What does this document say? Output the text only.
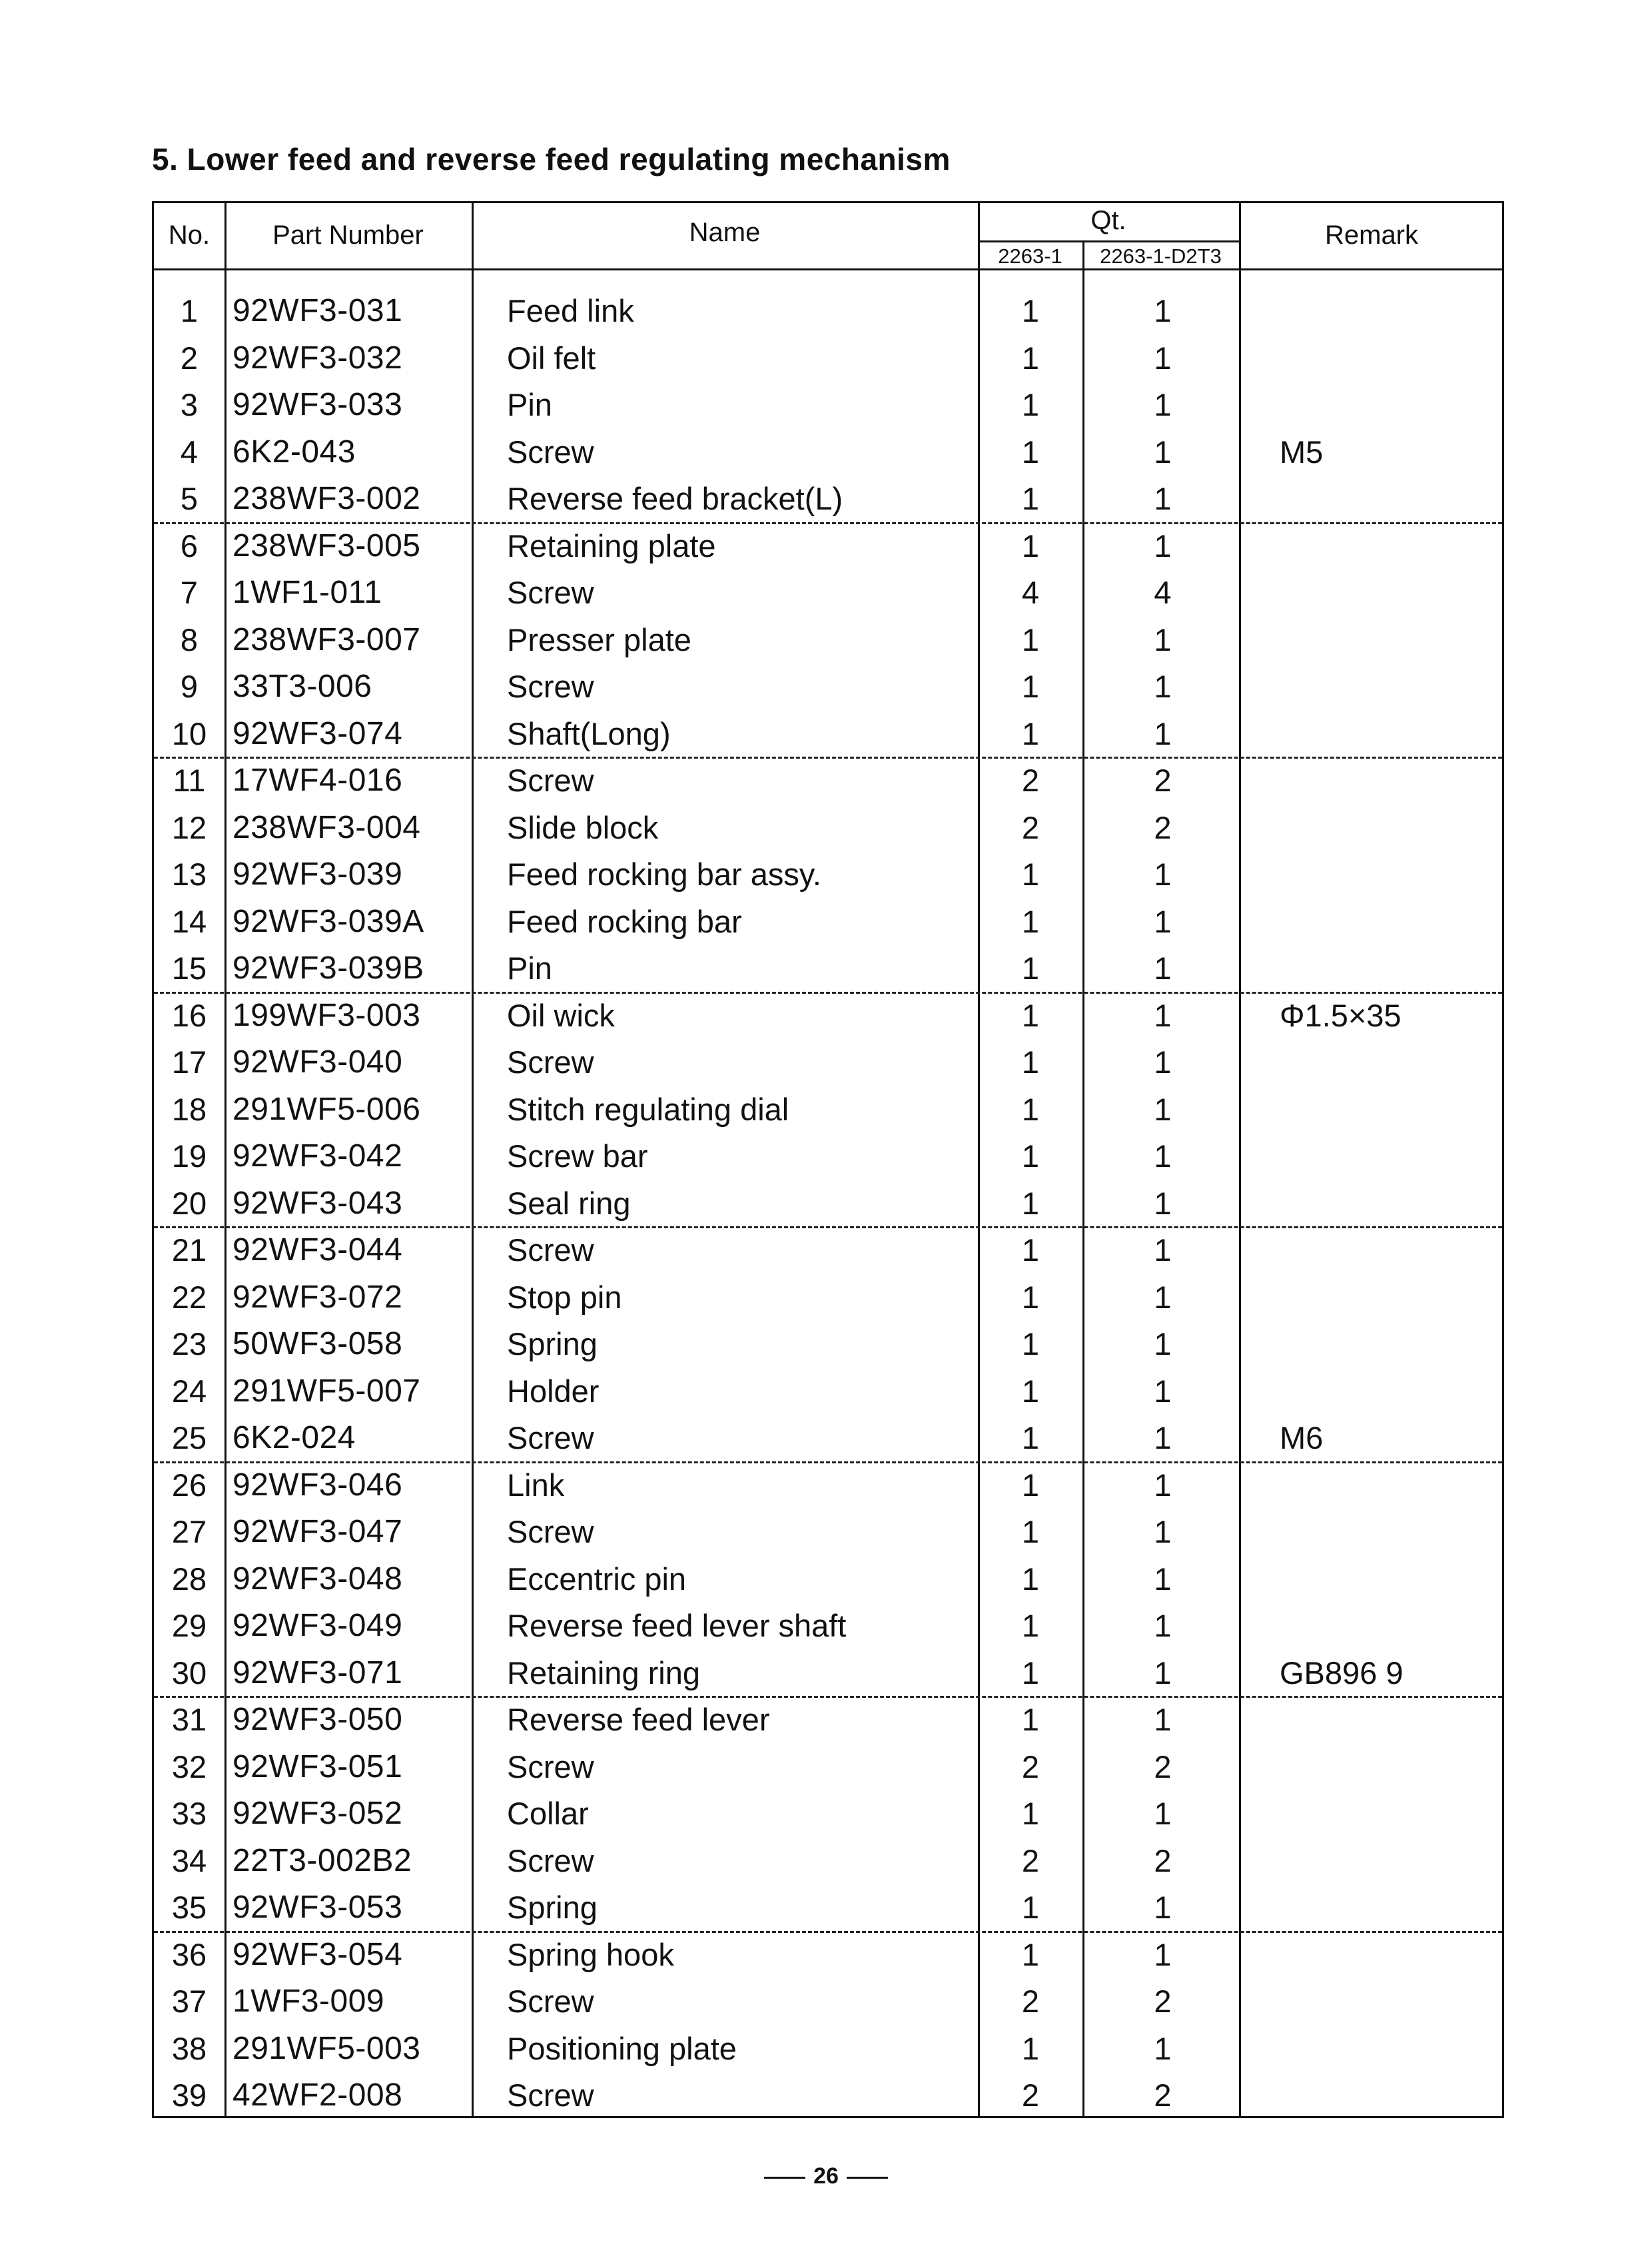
5. Lower feed and reverse feed regulating mechanism
No.	Part Number	Name	Qt.
2263-1	2263-1-D2T3
Remark
1	92WF3-031	Feed link	1	1
2	92WF3-032	Oil felt	1	1
3	92WF3-033	Pin	1	1
4	6K2-043	Screw	1	1	M5
5	238WF3-002	Reverse feed bracket(L)	1	1
6	238WF3-005	Retaining plate	1	1
7	1WF1-011	Screw	4	4
8	238WF3-007	Presser plate	1	1
9	33T3-006	Screw	1	1
10 92WF3-074	Shaft(Long)	1	1
11 17WF4-016	Screw	2	2
12 238WF3-004	Slide block	2	2
13 92WF3-039	Feed rocking bar assy.	1	1
14 92WF3-039A	Feed rocking bar	1	1
15 92WF3-039B	Pin	1	1
16 199WF3-003	Oil wick	1	1	Φ1.5×35
17 92WF3-040	Screw	1	1
18 291WF5-006	Stitch regulating dial	1	1
19 92WF3-042	Screw bar	1	1
20 92WF3-043	Seal ring	1	1
21 92WF3-044	Screw	1	1
22 92WF3-072	Stop pin	1	1
23 50WF3-058	Spring	1	1
24 291WF5-007	Holder	1	1
25 6K2-024	Screw	1	1	M6
26 92WF3-046	Link	1	1
27 92WF3-047	Screw	1	1
28 92WF3-048	Eccentric pin	1	1
29 92WF3-049	Reverse feed lever shaft	1	1
30 92WF3-071	Retaining ring	1	1	GB896 9
31 92WF3-050	Reverse feed lever	1	1
32 92WF3-051	Screw	2	2
33 92WF3-052	Collar	1	1
34 22T3-002B2	Screw	2	2
35 92WF3-053	Spring	1	1
36 92WF3-054	Spring hook	1	1
37 1WF3-009	Screw	2	2
38 291WF5-003	Positioning plate	1	1
39 42WF2-008	Screw	2	2
26
